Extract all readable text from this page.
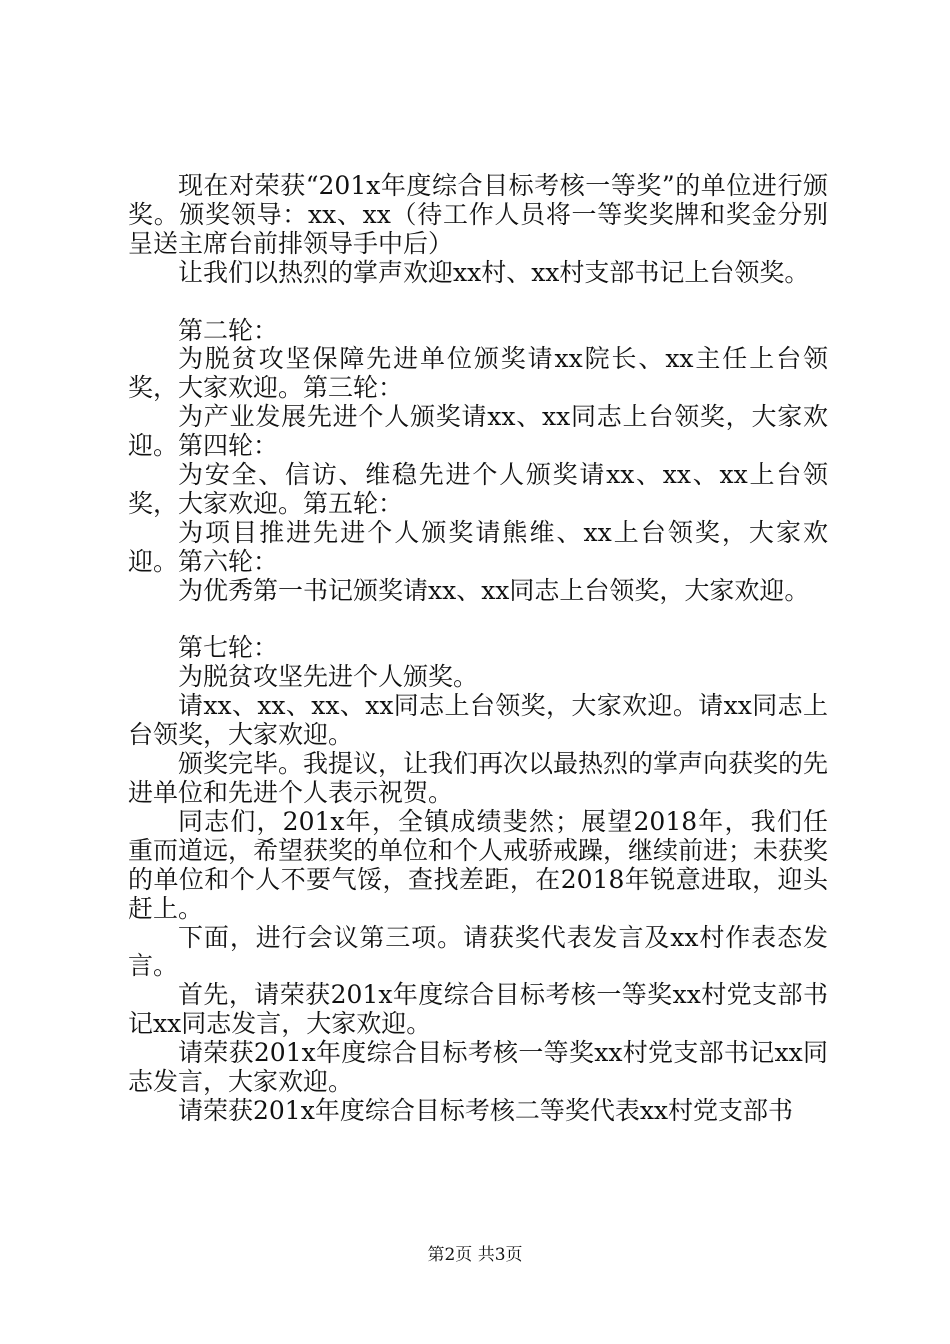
现在对荣获“201x年度综合目标考核一等奖”的单位进行颁奖。颁奖领导：xx、xx（待工作人员将一等奖奖牌和奖金分别呈送主席台前排领导手中后）

让我们以热烈的掌声欢迎xx村、xx村支部书记上台领奖。

第二轮：

为脱贫攻坚保障先进单位颁奖请xx院长、xx主任上台领奖，大家欢迎。第三轮：

为产业发展先进个人颁奖请xx、xx同志上台领奖，大家欢迎。第四轮：

为安全、信访、维稳先进个人颁奖请xx、xx、xx上台领奖，大家欢迎。第五轮：

为项目推进先进个人颁奖请熊维、xx上台领奖，大家欢迎。第六轮：

为优秀第一书记颁奖请xx、xx同志上台领奖，大家欢迎。

第七轮：

为脱贫攻坚先进个人颁奖。

请xx、xx、xx、xx同志上台领奖，大家欢迎。请xx同志上台领奖，大家欢迎。

颁奖完毕。我提议，让我们再次以最热烈的掌声向获奖的先进单位和先进个人表示祝贺。

同志们，201x年，全镇成绩斐然；展望2018年，我们任重而道远，希望获奖的单位和个人戒骄戒躁，继续前进；未获奖的单位和个人不要气馁，查找差距，在2018年锐意进取，迎头赶上。

下面，进行会议第三项。请获奖代表发言及xx村作表态发言。

首先，请荣获201x年度综合目标考核一等奖xx村党支部书记xx同志发言，大家欢迎。

请荣获201x年度综合目标考核一等奖xx村党支部书记xx同志发言，大家欢迎。

请荣获201x年度综合目标考核二等奖代表xx村党支部书

第2页 共3页
